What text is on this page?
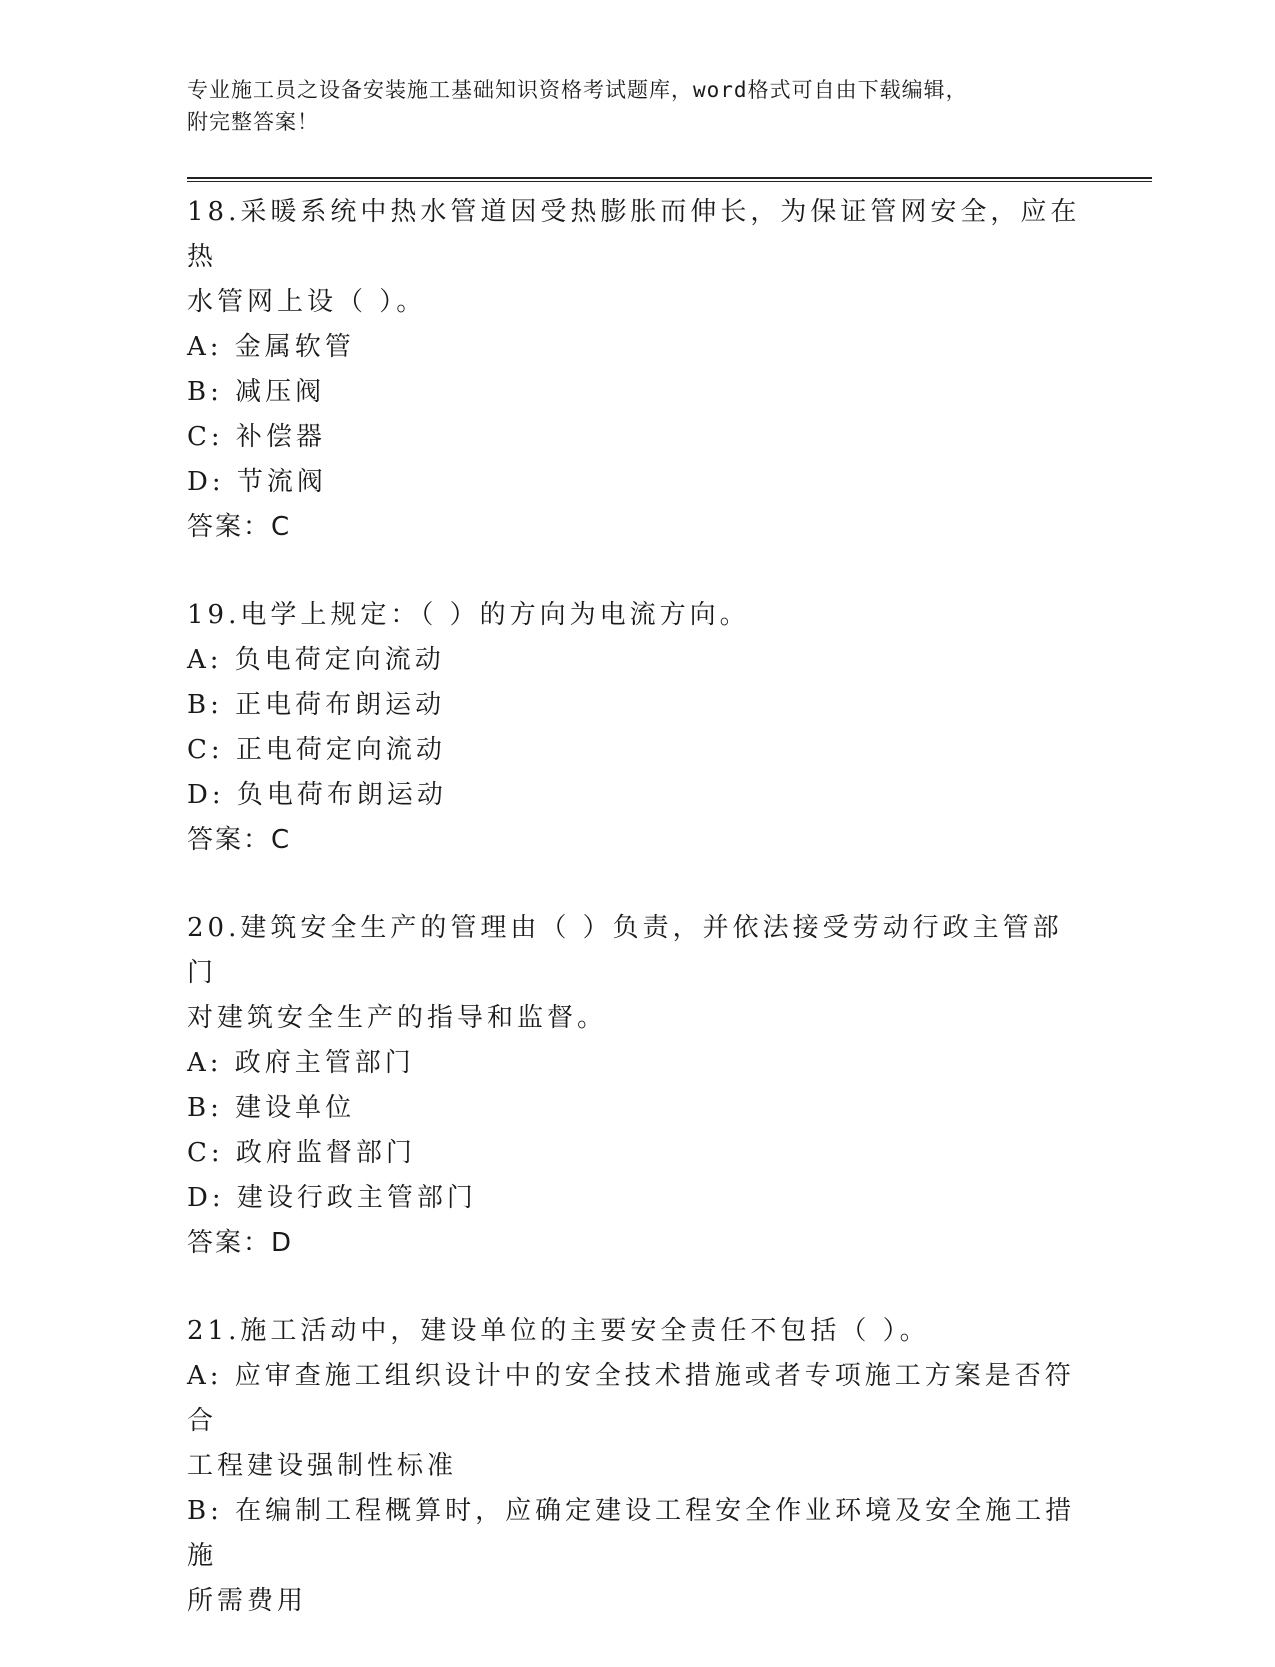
专业施工员之设备安装施工基础知识资格考试题库，word格式可自由下载编辑，

附完整答案！

18.采暖系统中热水管道因受热膨胀而伸长，为保证管网安全，应在热

水管网上设（ ）。

A: 金属软管

B: 减压阀

C: 补偿器

D: 节流阀

答案：C

19.电学上规定：（ ）的方向为电流方向。

A: 负电荷定向流动

B: 正电荷布朗运动

C: 正电荷定向流动

D: 负电荷布朗运动

答案：C

20.建筑安全生产的管理由（ ）负责，并依法接受劳动行政主管部门

对建筑安全生产的指导和监督。

A: 政府主管部门

B: 建设单位

C: 政府监督部门

D: 建设行政主管部门

答案：D

21.施工活动中，建设单位的主要安全责任不包括（ ）。

A: 应审查施工组织设计中的安全技术措施或者专项施工方案是否符合

工程建设强制性标准

B: 在编制工程概算时，应确定建设工程安全作业环境及安全施工措施

所需费用
